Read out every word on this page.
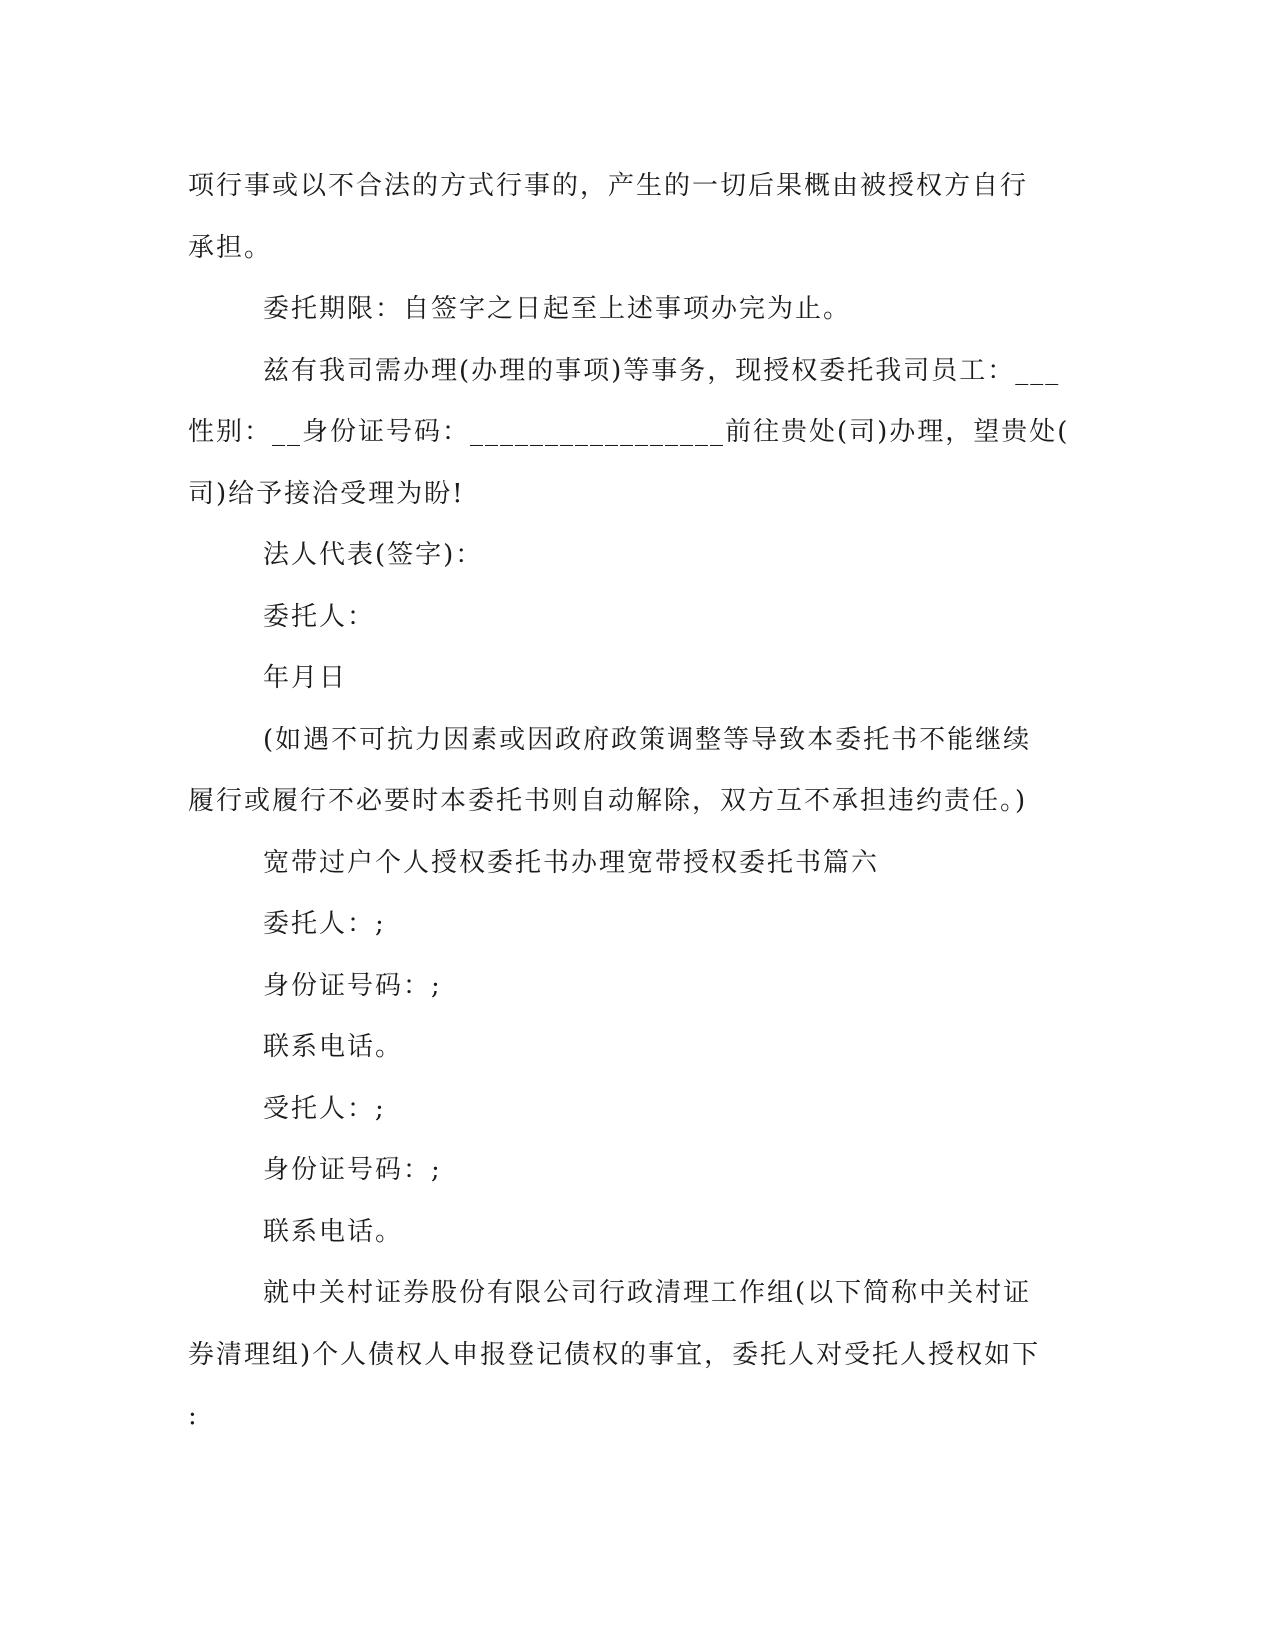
项行事或以不合法的方式行事的，产生的一切后果概由被授权方自行

承担。

委托期限：自签字之日起至上述事项办完为止。

兹有我司需办理(办理的事项)等事务，现授权委托我司员工：___

性别：__身份证号码：_________________前往贵处(司)办理，望贵处(

司)给予接洽受理为盼!

法人代表(签字)：

委托人：

年月日

(如遇不可抗力因素或因政府政策调整等导致本委托书不能继续

履行或履行不必要时本委托书则自动解除，双方互不承担违约责任。)

宽带过户个人授权委托书办理宽带授权委托书篇六

委托人：;

身份证号码：;

联系电话。

受托人：;

身份证号码：;

联系电话。

就中关村证券股份有限公司行政清理工作组(以下简称中关村证

券清理组)个人债权人申报登记债权的事宜，委托人对受托人授权如下

:
